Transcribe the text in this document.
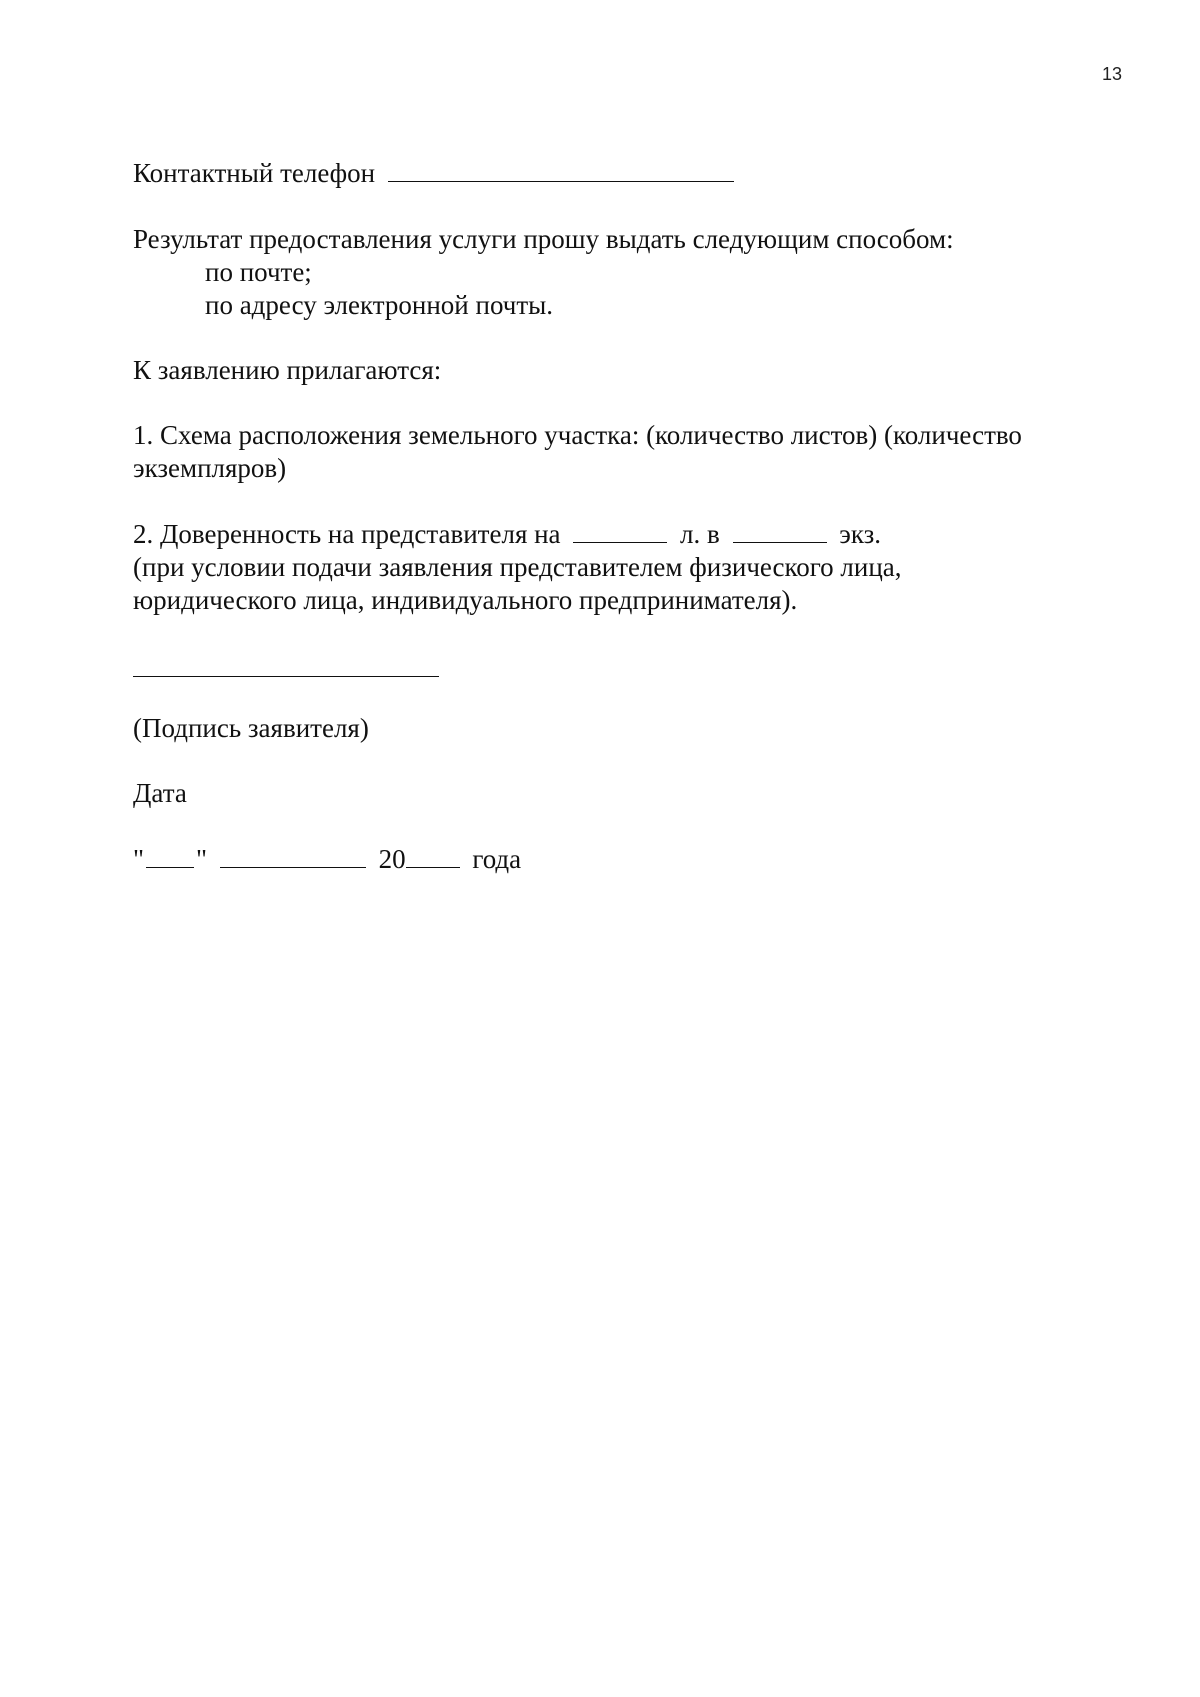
13
Контактный телефон
Результат предоставления услуги прошу выдать следующим способом:
по почте;
по адресу электронной почты.
К заявлению прилагаются:
1. Схема расположения земельного участка: (количество листов) (количество
экземпляров)
2. Доверенность на представителя на	л. в	экз.
(при условии подачи заявления представителем физического лица,
юридического лица, индивидуального предпринимателя).
(Подпись заявителя)
Дата
" "	20 года
